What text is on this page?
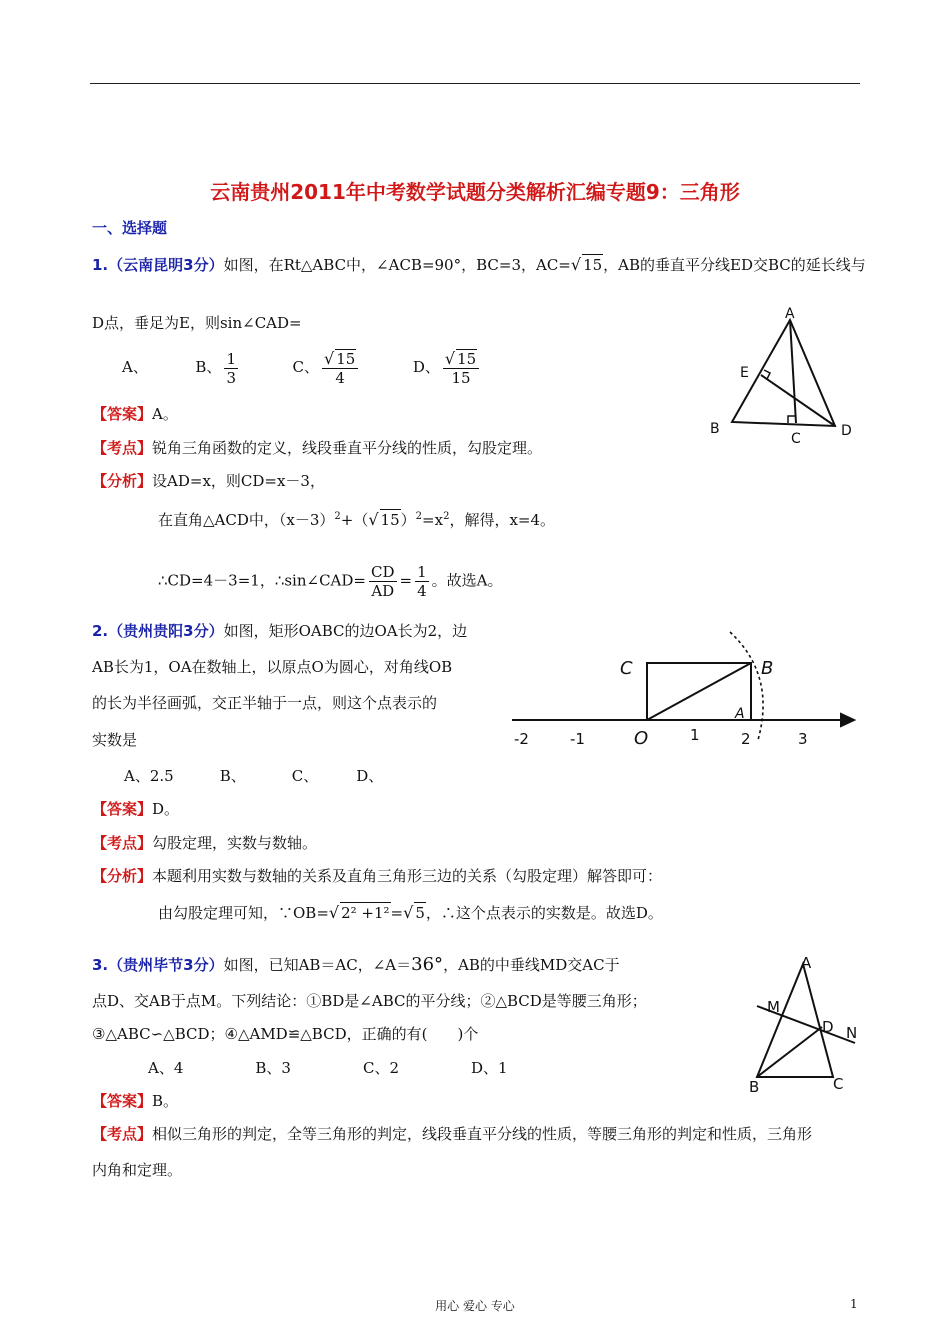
云南贵州2011年中考数学试题分类解析汇编专题9：三角形
一、选择题
1.（云南昆明3分）如图，在Rt△ABC中，∠ACB=90°，BC=3，AC=√ 15，AB的垂直平分线ED交BC的延长线与
D点，垂足为E，则sin∠CAD=
A、	B、 $\frac{1}{3}$	C、 $\frac{√ 15}{4}$	D、 $\frac{√ 15}{15}$
【答案】A。
【考点】锐角三角函数的定义，线段垂直平分线的性质，勾股定理。
【分析】设AD=x，则CD=x－3，
在直角△ACD中，$(x-3)^2+(√$ $15)^2=x^2$，解得，x=4。
∴CD=4－3=1，∴sin∠CAD= $\frac{CD}{AD} = \frac{1}{4}$ 。故选A。
A
E
B
C	D
2.（贵州贵阳3分）如图，矩形OABC的边OA长为2，边
AB长为1，OA在数轴上，以原点O为圆心，对角线OB
的长为半径画弧，交正半轴于一点，则这个点表示的
实数是
A、2.5	B、	C、	D、
【答案】D。
【考点】勾股定理，实数与数轴。
【分析】本题利用实数与数轴的关系及直角三角形三边的关系（勾股定理）解答即可：
由勾股定理可知，∵OB=√ 2² +1²=√ 5，∴这个点表示的实数是。故选D。
C	B
O
A
-2	-1	1	2	3
3.（贵州毕节3分）如图，已知AB＝AC，∠A＝36°，AB的中垂线MD交AC于
点D、交AB于点M。下列结论：①BD是∠ABC的平分线；②△BCD是等腰三角形；
③△ABC∽△BCD；④△AMD≌△BCD，正确的有(　　)个
A、4	B、3	C、2	D、1
【答案】B。
【考点】相似三角形的判定，全等三角形的判定，线段垂直平分线的性质，等腰三角形的判定和性质，三角形
内角和定理。
A
M
D N
B	C
用心 爱心 专心	1
